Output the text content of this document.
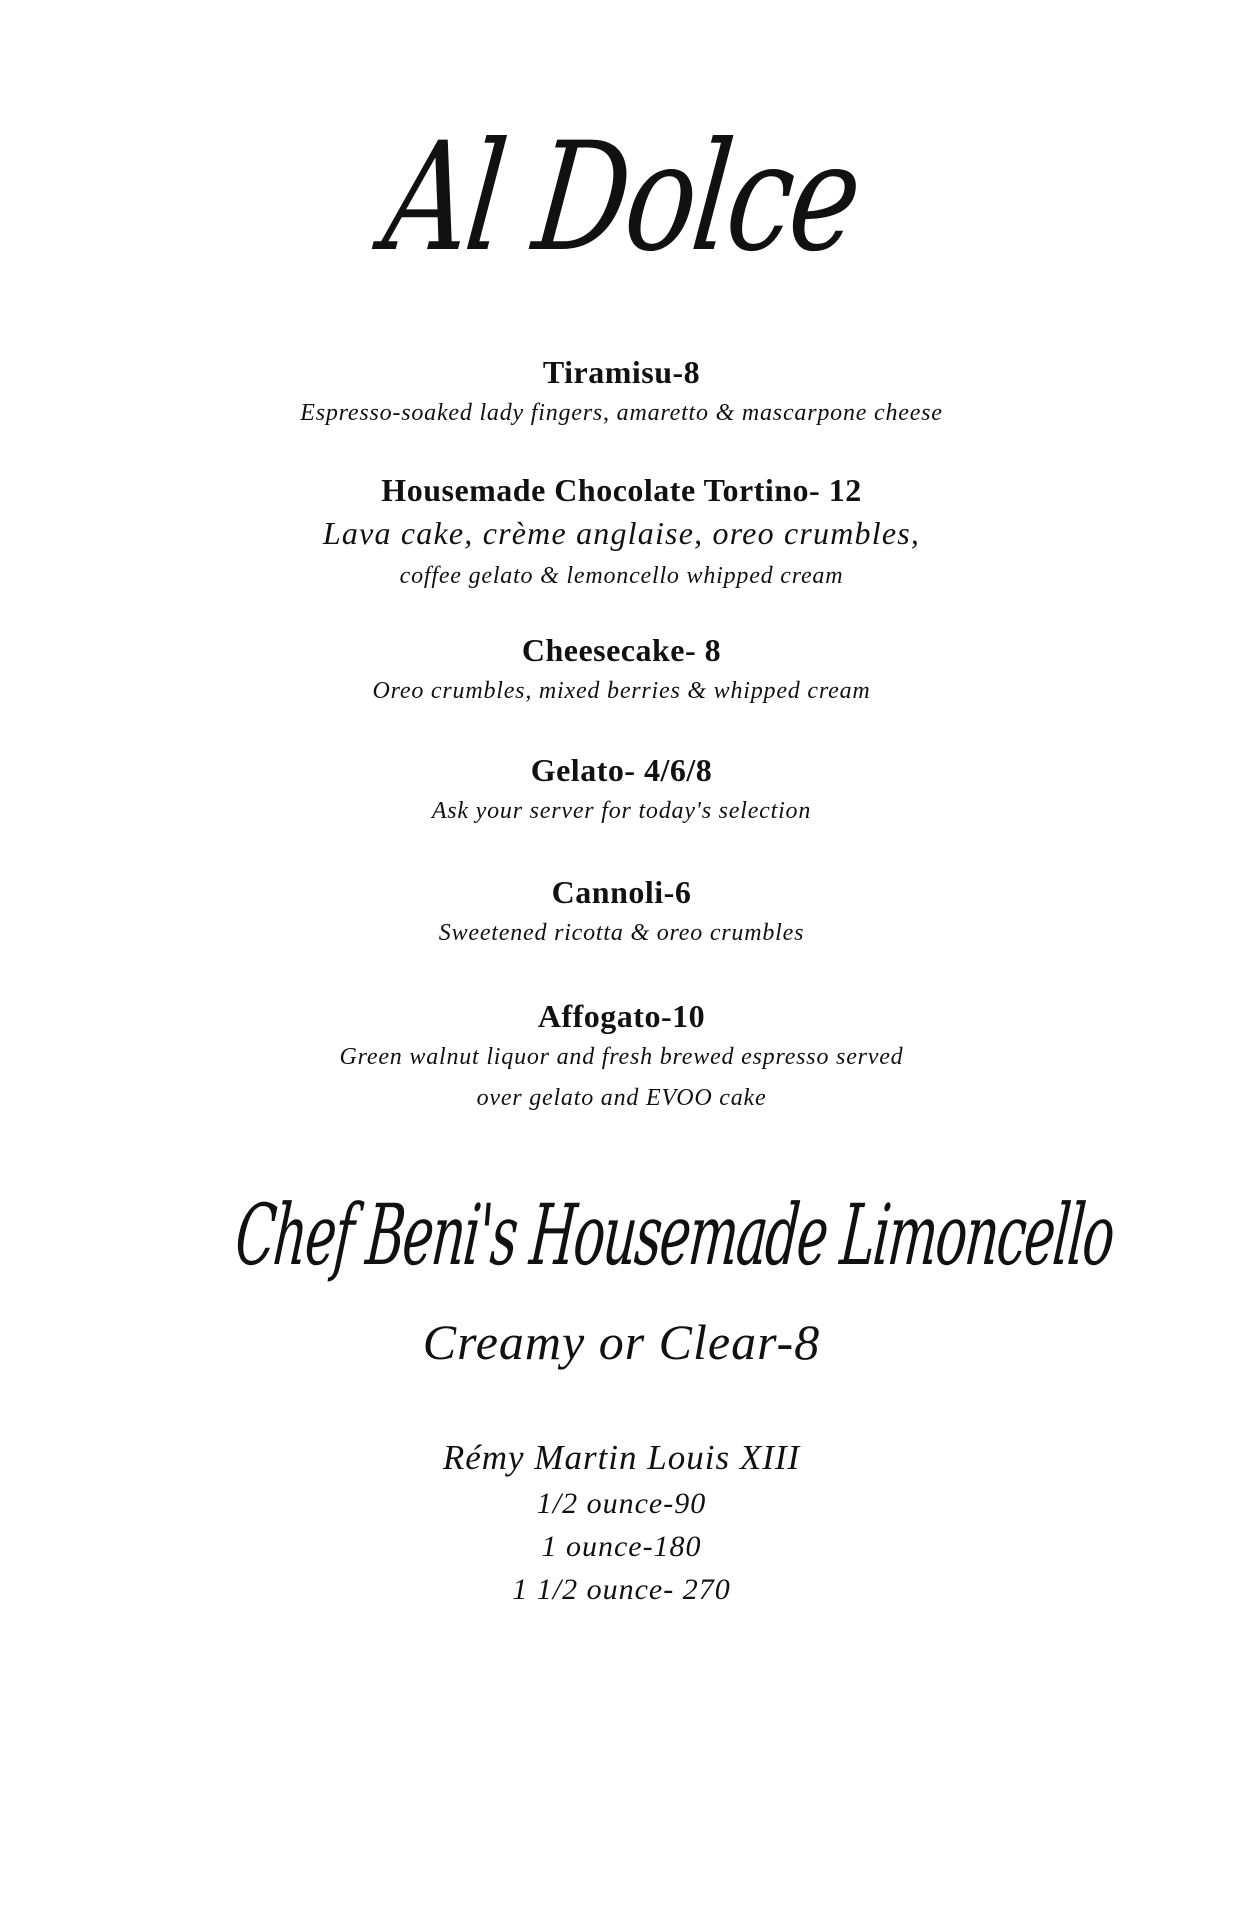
Al Dolce
Tiramisu-8
Espresso-soaked lady fingers, amaretto & mascarpone cheese
Housemade Chocolate Tortino- 12
Lava cake, crème anglaise, oreo crumbles,
coffee gelato & lemoncello whipped cream
Cheesecake- 8
Oreo crumbles, mixed berries & whipped cream
Gelato- 4/6/8
Ask your server for today's selection
Cannoli-6
Sweetened ricotta & oreo crumbles
Affogato-10
Green walnut liquor and fresh brewed espresso served
over gelato and EVOO cake
Chef Beni's Housemade Limoncello
Creamy or Clear-8
Rémy Martin Louis XIII
1/2 ounce-90
1 ounce-180
1 1/2 ounce- 270
